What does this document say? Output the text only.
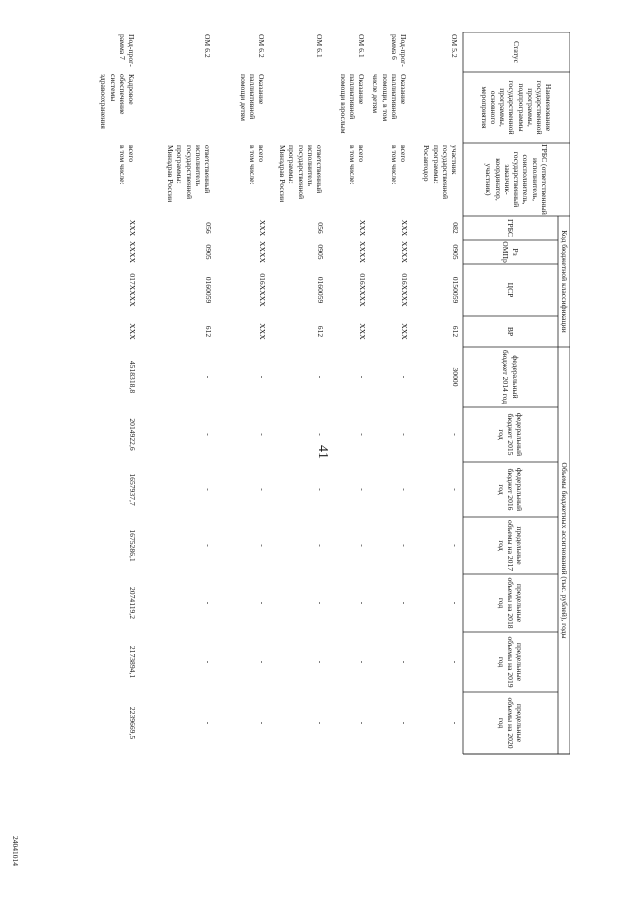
41
24041014
Статус
Наименование государственной программы, подпрограммы государственной программы, основного мероприятия
ГРБС (ответственный исполнитель, соисполнитель, государственный заказчик-координатор, участник)
Код бюджетной классификации
ГРБС
Рз ОМПр
ЦСР
ВР
Объемы бюджетных ассигнований (тыс. рублей), годы
федеральный бюджет 2014 год
федеральный бюджет 2015 год
федеральный бюджет 2016 год
предельные объемы на 2017 год
предельные объемы на 2018 год
предельные объемы на 2019 год
предельные объемы на 2020 год
ОМ 5.2
участник государственной программы: Росавтодор
082
0905
0150059
612
30000
-
-
-
-
-
-
Под-прог-рамма 6
Оказание паллиативной помощи, в том числе детям
всего
в том числе:
ХХХ
ХХХХ
016ХХХХ
ХХХ
-
-
-
-
-
-
-
ОМ 6.1
Оказание паллиативной помощи взрослым
всего
в том числе:
ХХХ
ХХХХ
016ХХХХ
ХХХ
-
-
-
-
-
-
-
ОМ 6.1
ответственный исполнитель государственной программы: Минздрав России
056
0905
0160059
612
-
-
-
-
-
-
-
ОМ 6.2
Оказание паллиативной помощи детям
всего
в том числе:
ХХХ
ХХХХ
016ХХХХ
ХХХ
-
-
-
-
-
-
-
ОМ 6.2
ответственный исполнитель государственной программы: Минздрав России
056
0905
0160059
612
-
-
-
-
-
-
-
Под-прог-рамма 7
Кадровое обеспечение системы здравоохранения
всего
в том числе:
ХХХ
ХХХХ
017ХХХХ
ХХХ
4518318,8
2014922,6
1657937,7
1675286,1
2074119,2
2173894,1
2239669,5
